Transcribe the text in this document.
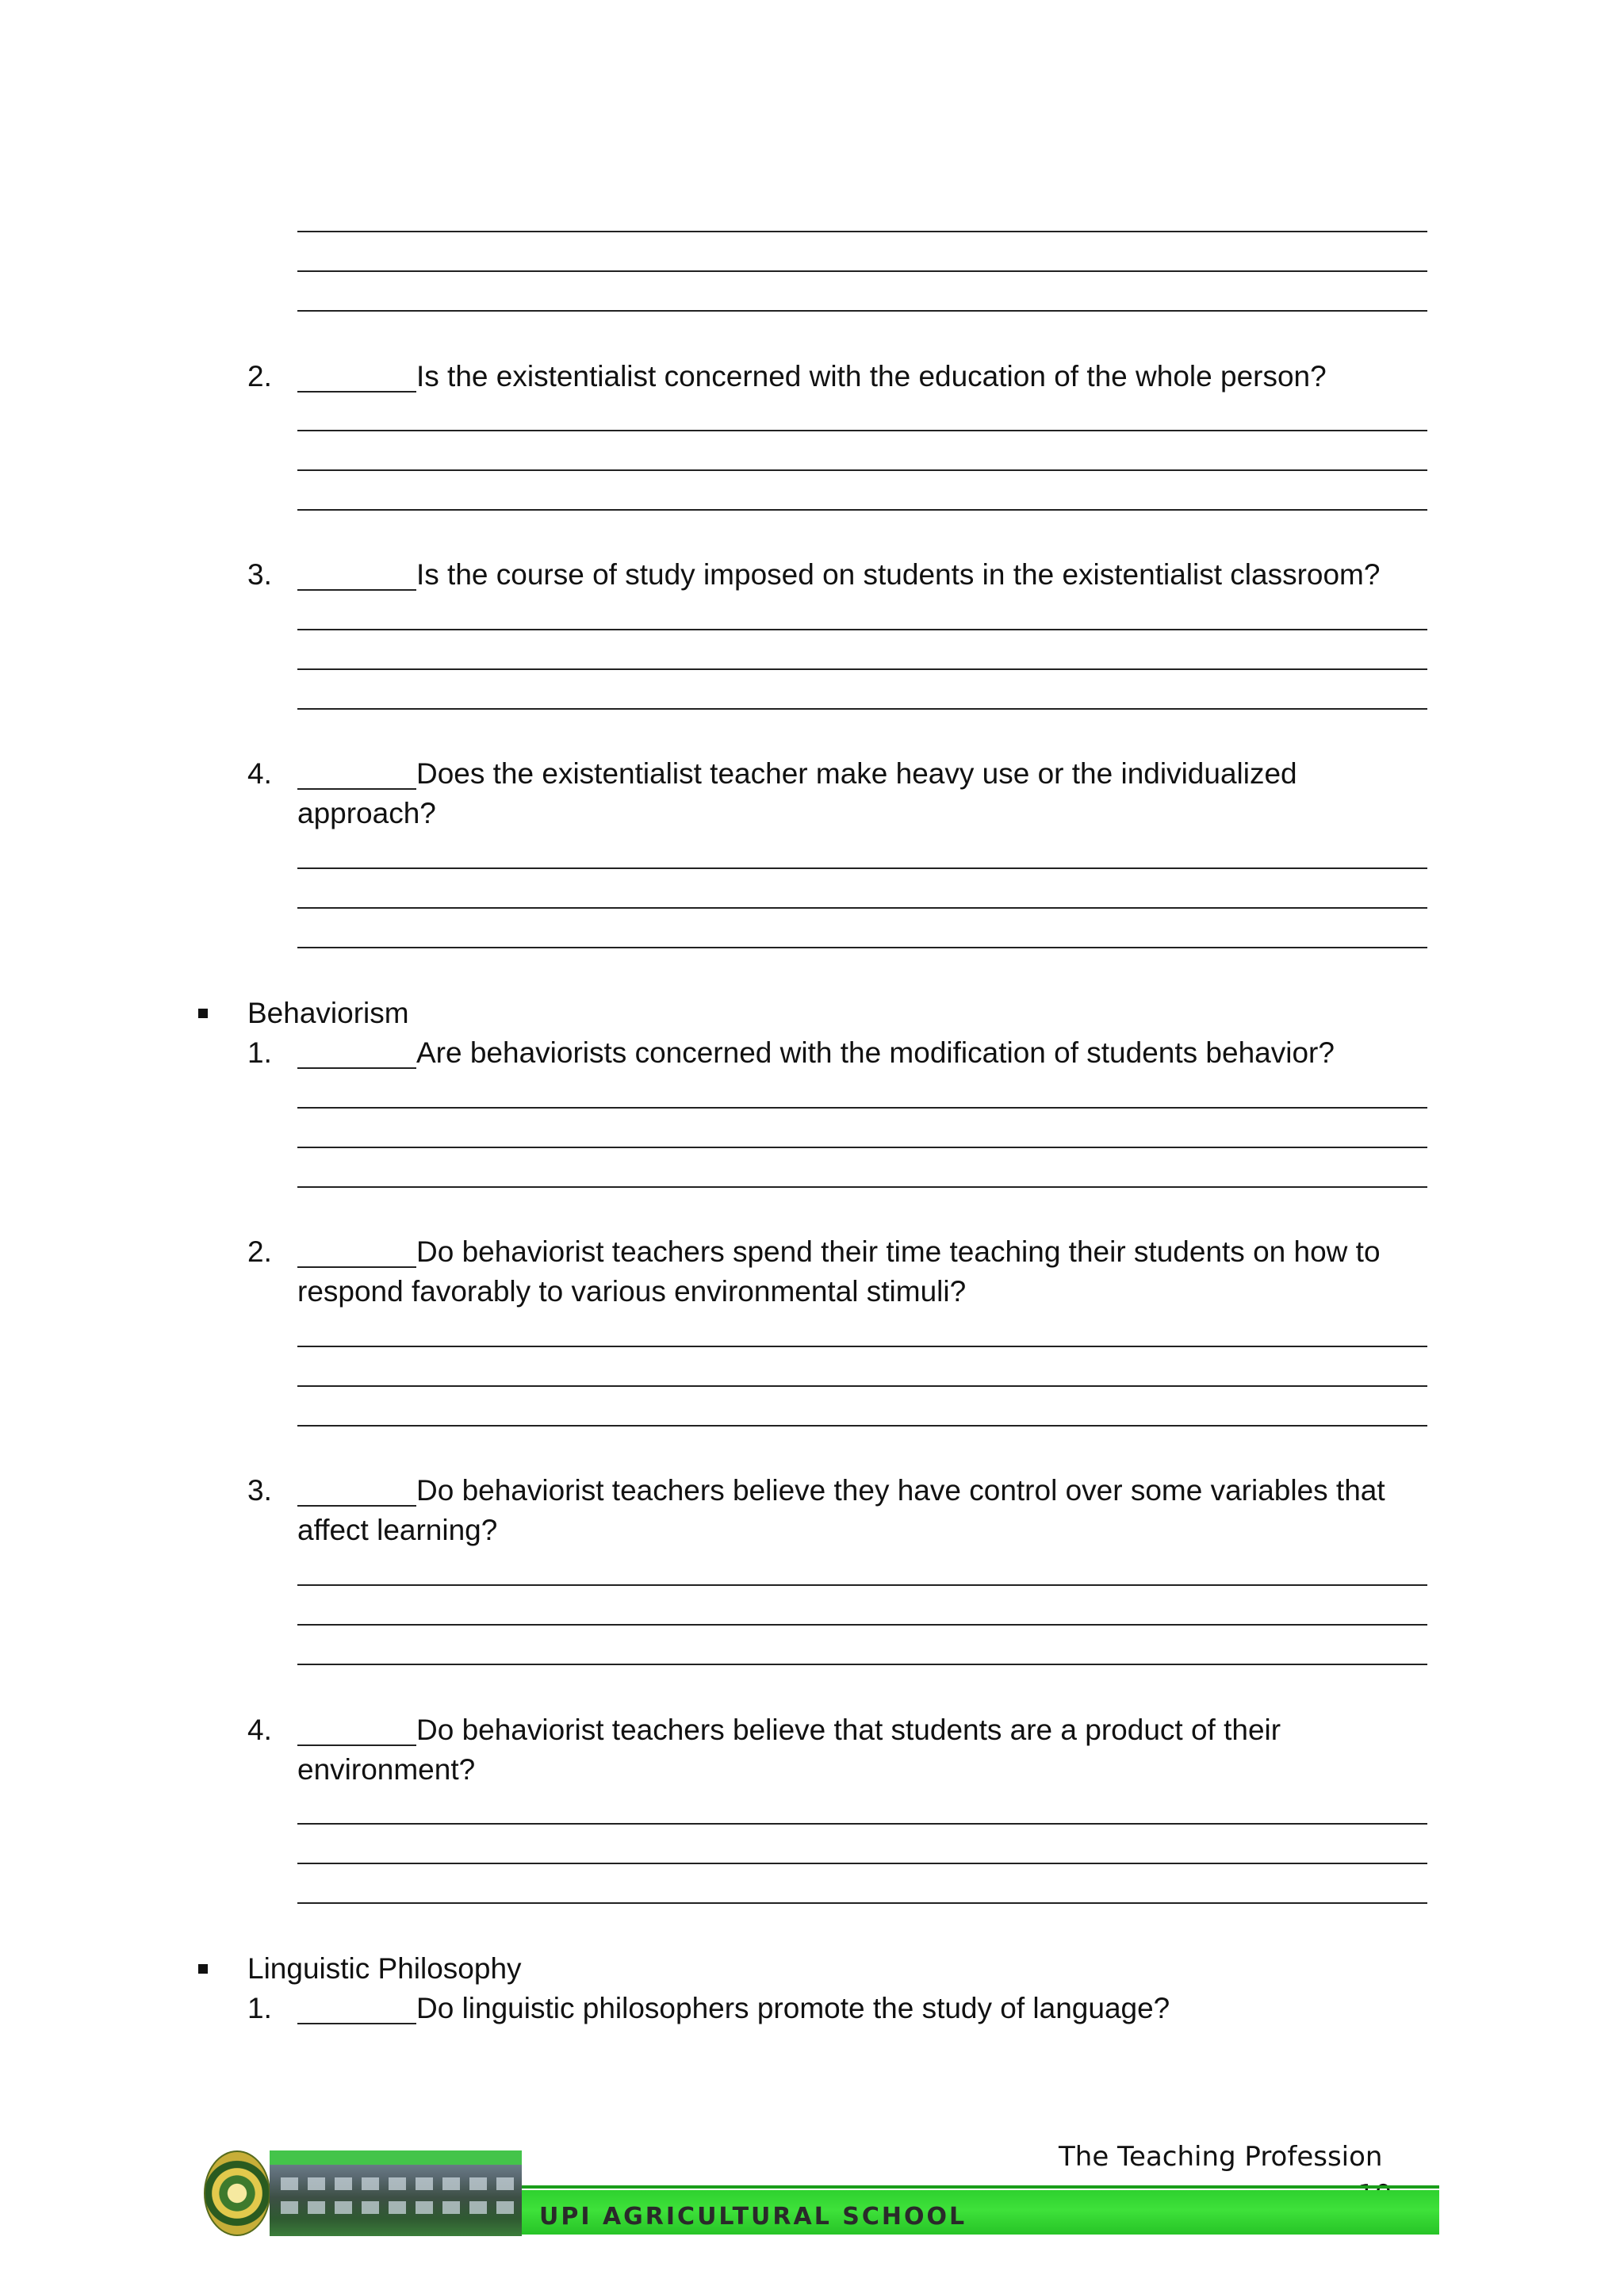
2.	Is the existentialist concerned with the education of the whole person?
3.	Is the course of study imposed on students in the existentialist classroom?
4.	Does the existentialist teacher make heavy use or the individualized approach?
Behaviorism
1.	Are behaviorists concerned with the modification of students behavior?
2.	Do behaviorist teachers spend their time teaching their students on how to respond favorably to various environmental stimuli?
3.	Do behaviorist teachers believe they have control over some variables that affect learning?
4.	Do behaviorist teachers believe that students are a product of their environment?
Linguistic Philosophy
1.	Do linguistic philosophers promote the study of language?
The Teaching Profession
UPI AGRICULTURAL SCHOOL
